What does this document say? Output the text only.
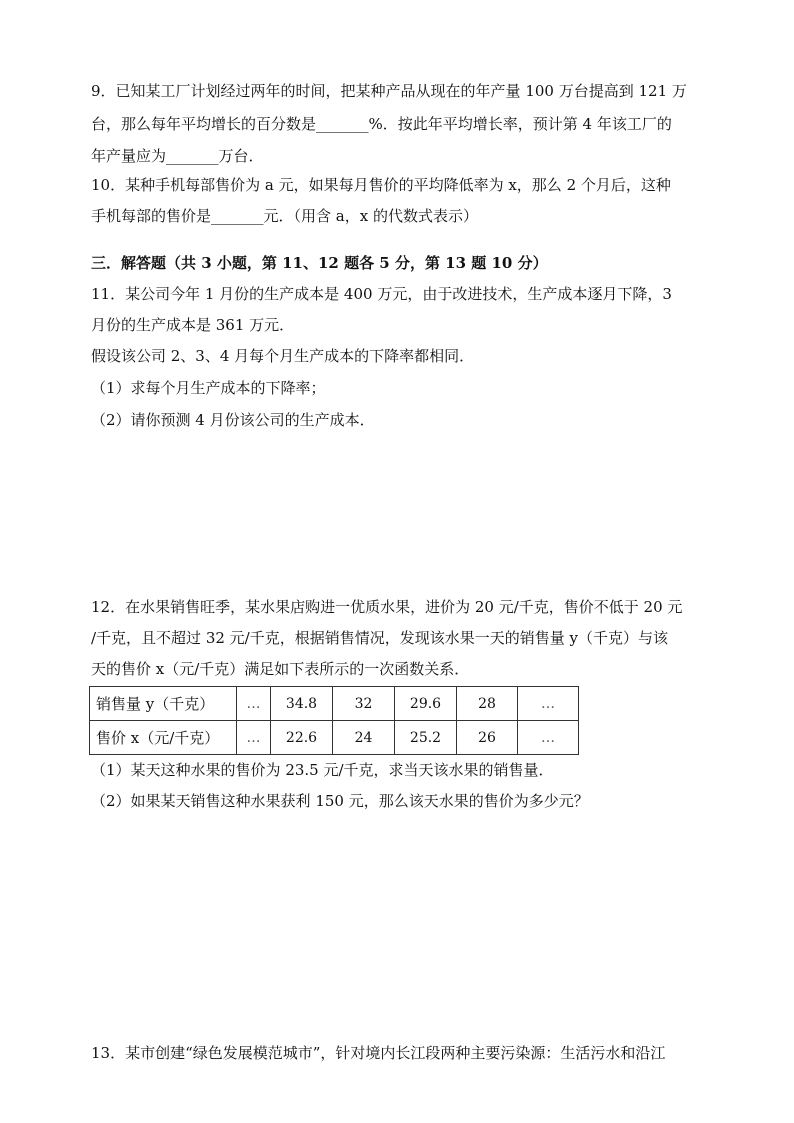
9．已知某工厂计划经过两年的时间，把某种产品从现在的年产量 100 万台提高到 121 万
台，那么每年平均增长的百分数是_______%．按此年平均增长率，预计第 4 年该工厂的
年产量应为_______万台．
10．某种手机每部售价为 a 元，如果每月售价的平均降低率为 x，那么 2 个月后，这种
手机每部的售价是_______元．（用含 a，x 的代数式表示）
三．解答题（共 3 小题，第 11、12 题各 5 分，第 13 题 10 分）
11．某公司今年 1 月份的生产成本是 400 万元，由于改进技术，生产成本逐月下降，3
月份的生产成本是 361 万元．
假设该公司 2、3、4 月每个月生产成本的下降率都相同．
（1）求每个月生产成本的下降率；
（2）请你预测 4 月份该公司的生产成本．
12．在水果销售旺季，某水果店购进一优质水果，进价为 20 元/千克，售价不低于 20 元
/千克，且不超过 32 元/千克，根据销售情况，发现该水果一天的销售量 y（千克）与该
天的售价 x（元/千克）满足如下表所示的一次函数关系．
销售量 y（千克）	…	34.8	32	29.6	28	…
售价 x（元/千克）	…	22.6	24	25.2	26	…
（1）某天这种水果的售价为 23.5 元/千克，求当天该水果的销售量．
（2）如果某天销售这种水果获利 150 元，那么该天水果的售价为多少元？
13．某市创建“绿色发展模范城市”，针对境内长江段两种主要污染源：生活污水和沿江
